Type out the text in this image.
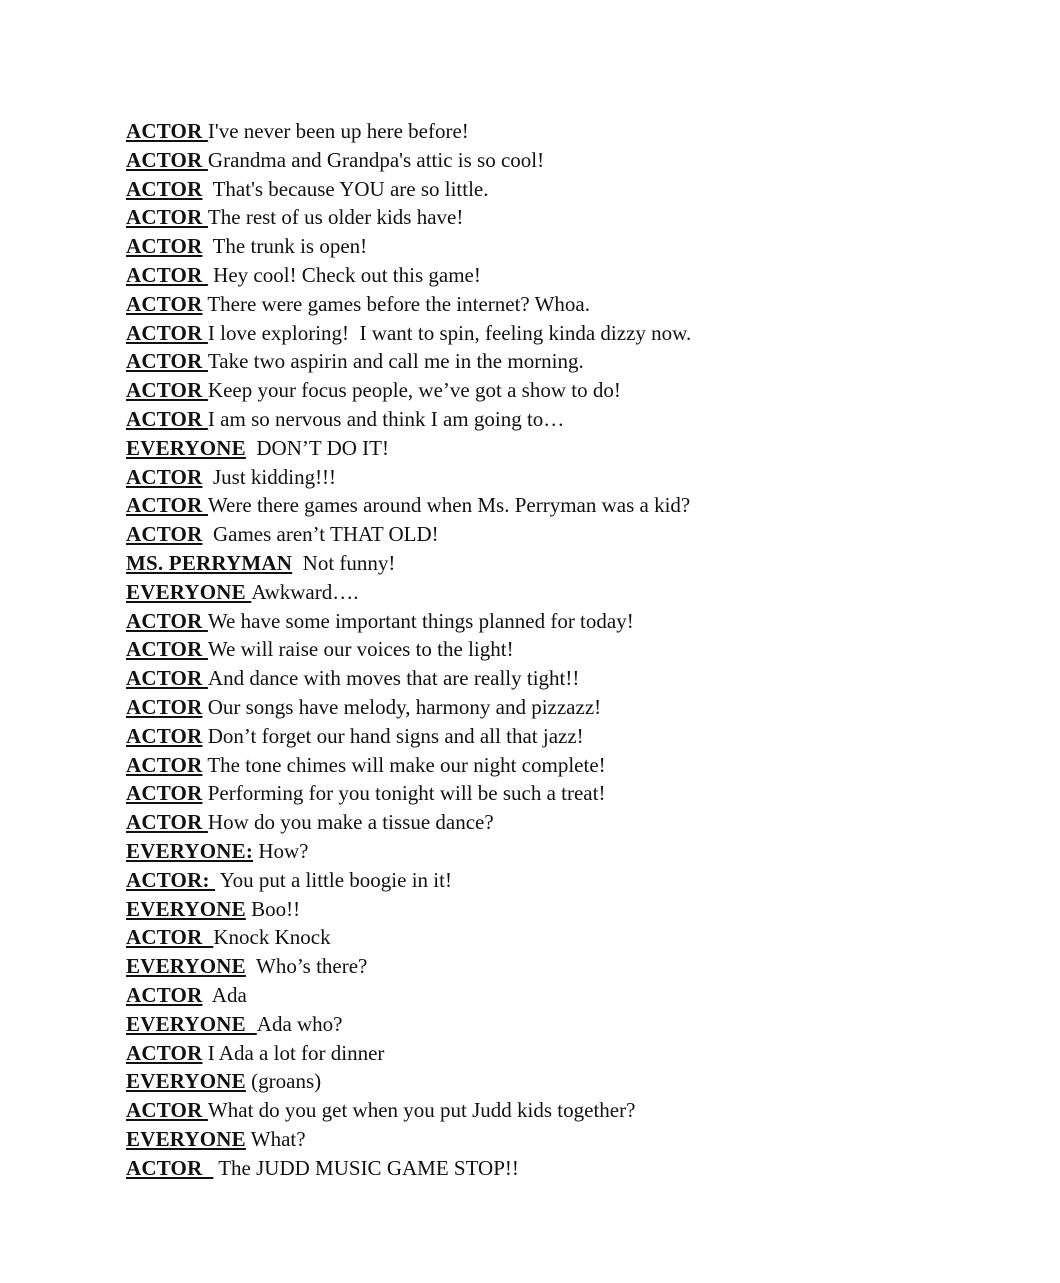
ACTOR I've never been up here before!
ACTOR Grandma and Grandpa's attic is so cool!
ACTOR  That's because YOU are so little.
ACTOR The rest of us older kids have!
ACTOR  The trunk is open!
ACTOR  Hey cool! Check out this game!
ACTOR There were games before the internet? Whoa.
ACTOR I love exploring!  I want to spin, feeling kinda dizzy now.
ACTOR Take two aspirin and call me in the morning.
ACTOR Keep your focus people, we’ve got a show to do!
ACTOR I am so nervous and think I am going to…
EVERYONE  DON’T DO IT!
ACTOR  Just kidding!!!
ACTOR Were there games around when Ms. Perryman was a kid?
ACTOR  Games aren’t THAT OLD!
MS. PERRYMAN  Not funny!
EVERYONE Awkward….
ACTOR We have some important things planned for today!
ACTOR We will raise our voices to the light!
ACTOR And dance with moves that are really tight!!
ACTOR Our songs have melody, harmony and pizzazz!
ACTOR Don’t forget our hand signs and all that jazz!
ACTOR The tone chimes will make our night complete!
ACTOR Performing for you tonight will be such a treat!
ACTOR How do you make a tissue dance?
EVERYONE: How?
ACTOR:  You put a little boogie in it!
EVERYONE Boo!!
ACTOR  Knock Knock
EVERYONE  Who’s there?
ACTOR  Ada
EVERYONE  Ada who?
ACTOR I Ada a lot for dinner
EVERYONE (groans)
ACTOR What do you get when you put Judd kids together?
EVERYONE What?
ACTOR   The JUDD MUSIC GAME STOP!!
